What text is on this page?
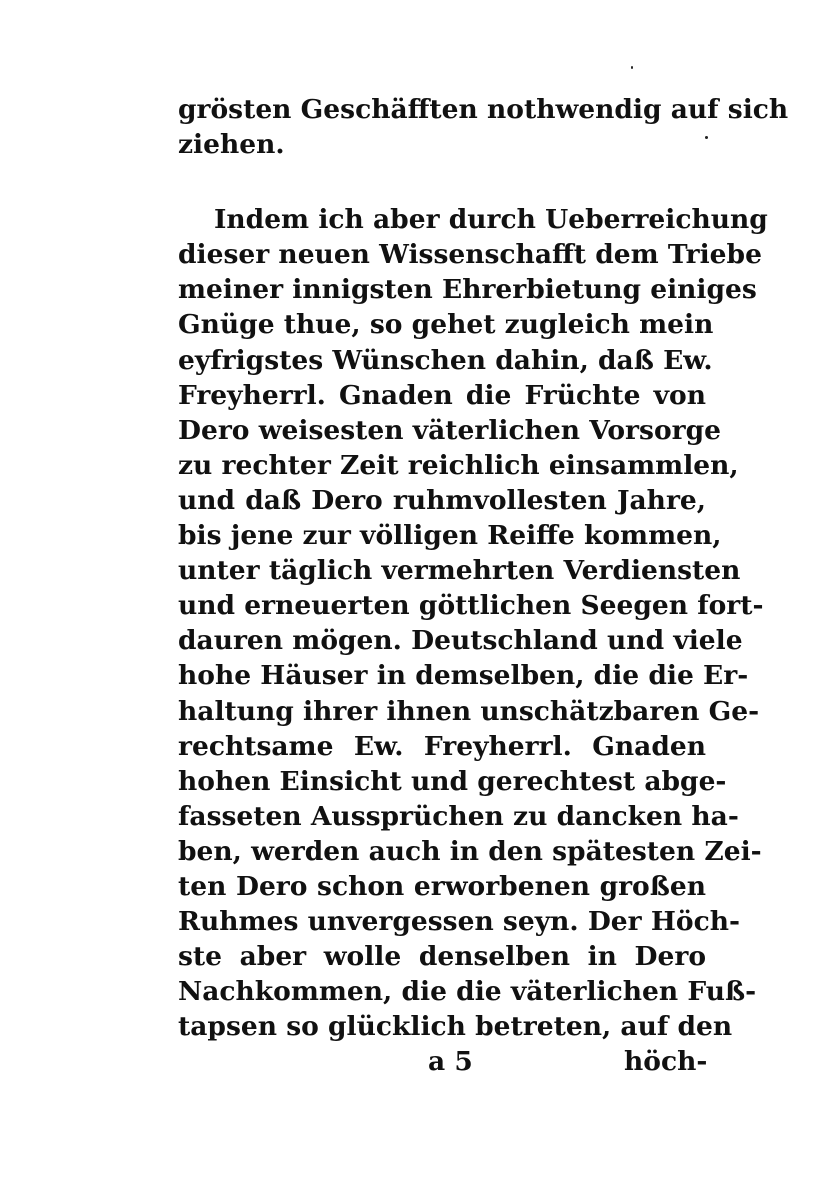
grösten Geschäfften nothwendig auf sich
ziehen.
Indem ich aber durch Ueberreichung
dieser neuen Wissenschafft dem Triebe
meiner innigsten Ehrerbietung einiges
Gnüge thue, so gehet zugleich mein
eyfrigstes Wünschen dahin, daß Ew.
Freyherrl. Gnaden die Früchte von
Dero weisesten väterlichen Vorsorge
zu rechter Zeit reichlich einsammlen,
und daß Dero ruhmvollesten Jahre,
bis jene zur völligen Reiffe kommen,
unter täglich vermehrten Verdiensten
und erneuerten göttlichen Seegen fort-
dauren mögen. Deutschland und viele
hohe Häuser in demselben, die die Er-
haltung ihrer ihnen unschätzbaren Ge-
rechtsame Ew. Freyherrl. Gnaden
hohen Einsicht und gerechtest abge-
fasseten Aussprüchen zu dancken ha-
ben, werden auch in den spätesten Zei-
ten Dero schon erworbenen großen
Ruhmes unvergessen seyn. Der Höch-
ste aber wolle denselben in Dero
Nachkommen, die die väterlichen Fuß-
tapsen so glücklich betreten, auf den
a 5	höch-
